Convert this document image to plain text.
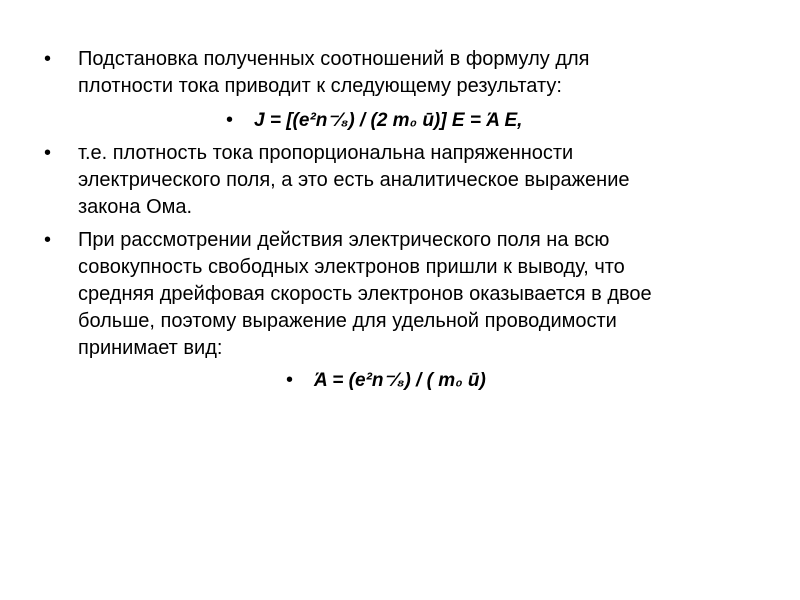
• Подстановка полученных соотношений в формулу для
плотности тока приводит к следующему результату:
• J = [(e²n⁻⁄₈) / (2 m₀ ū)] E = Ά E,
• т.е. плотность тока пропорциональна напряженности
электрического поля, а это есть аналитическое выражение
закона Ома.
• При рассмотрении действия электрического поля на всю
совокупность свободных электронов пришли к выводу, что
средняя дрейфовая скорость электронов оказывается в двое
больше, поэтому выражение для удельной проводимости
принимает вид:
• Ά = (e²n⁻⁄₈) / ( m₀ ū)
